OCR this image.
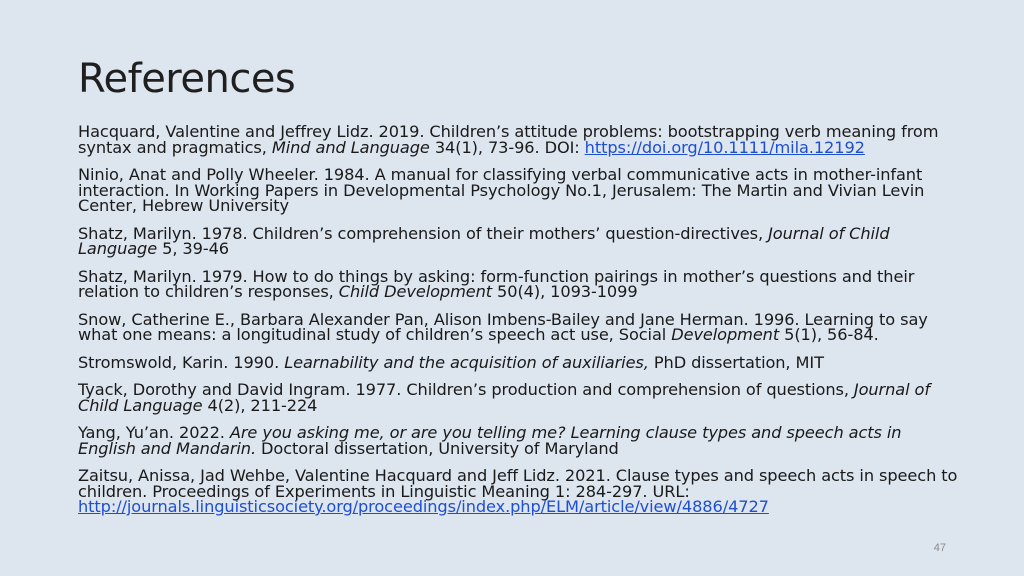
References

Hacquard, Valentine and Jeffrey Lidz. 2019. Children’s attitude problems: bootstrapping verb meaning from syntax and pragmatics, Mind and Language 34(1), 73-96. DOI: https://doi.org/10.1111/mila.12192

Ninio, Anat and Polly Wheeler. 1984. A manual for classifying verbal communicative acts in mother-infant interaction. In Working Papers in Developmental Psychology No.1, Jerusalem: The Martin and Vivian Levin Center, Hebrew University

Shatz, Marilyn. 1978. Children’s comprehension of their mothers’ question-directives, Journal of Child Language 5, 39-46

Shatz, Marilyn. 1979. How to do things by asking: form-function pairings in mother’s questions and their relation to children’s responses, Child Development 50(4), 1093-1099

Snow, Catherine E., Barbara Alexander Pan, Alison Imbens-Bailey and Jane Herman. 1996. Learning to say what one means: a longitudinal study of children’s speech act use, Social Development 5(1), 56-84.

Stromswold, Karin. 1990. Learnability and the acquisition of auxiliaries, PhD dissertation, MIT

Tyack, Dorothy and David Ingram. 1977. Children’s production and comprehension of questions, Journal of Child Language 4(2), 211-224

Yang, Yu’an. 2022. Are you asking me, or are you telling me? Learning clause types and speech acts in English and Mandarin. Doctoral dissertation, University of Maryland

Zaitsu, Anissa, Jad Wehbe, Valentine Hacquard and Jeff Lidz. 2021. Clause types and speech acts in speech to children. Proceedings of Experiments in Linguistic Meaning 1: 284-297. URL: http://journals.linguisticsociety.org/proceedings/index.php/ELM/article/view/4886/4727

47
